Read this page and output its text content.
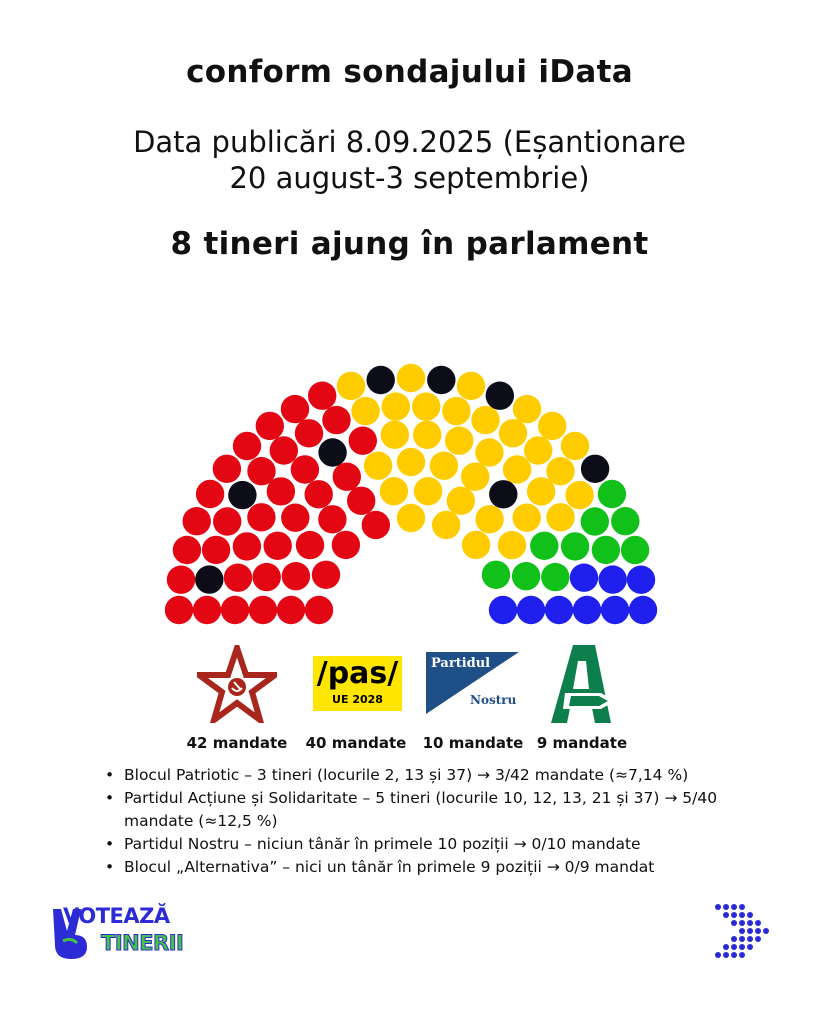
conform sondajului iData
Data publicări 8.09.2025 (Eșantionare
20 august-3 septembrie)
8 tineri ajung în parlament
/pas/
UE 2028
Partidul
Nostru
42 mandate 40 mandate 10 mandate 9 mandate
• Blocul Patriotic – 3 tineri (locurile 2, 13 și 37) → 3/42 mandate (≈7,14 %)
• Partidul Acțiune și Solidaritate – 5 tineri (locurile 10, 12, 13, 21 și 37) → 5/40 mandate (≈12,5 %)
• Partidul Nostru – niciun tânăr în primele 10 poziții → 0/10 mandate
• Blocul „Alternativa” – nici un tânăr în primele 9 poziții → 0/9 mandat
VOTEAZĂ
TINERII
